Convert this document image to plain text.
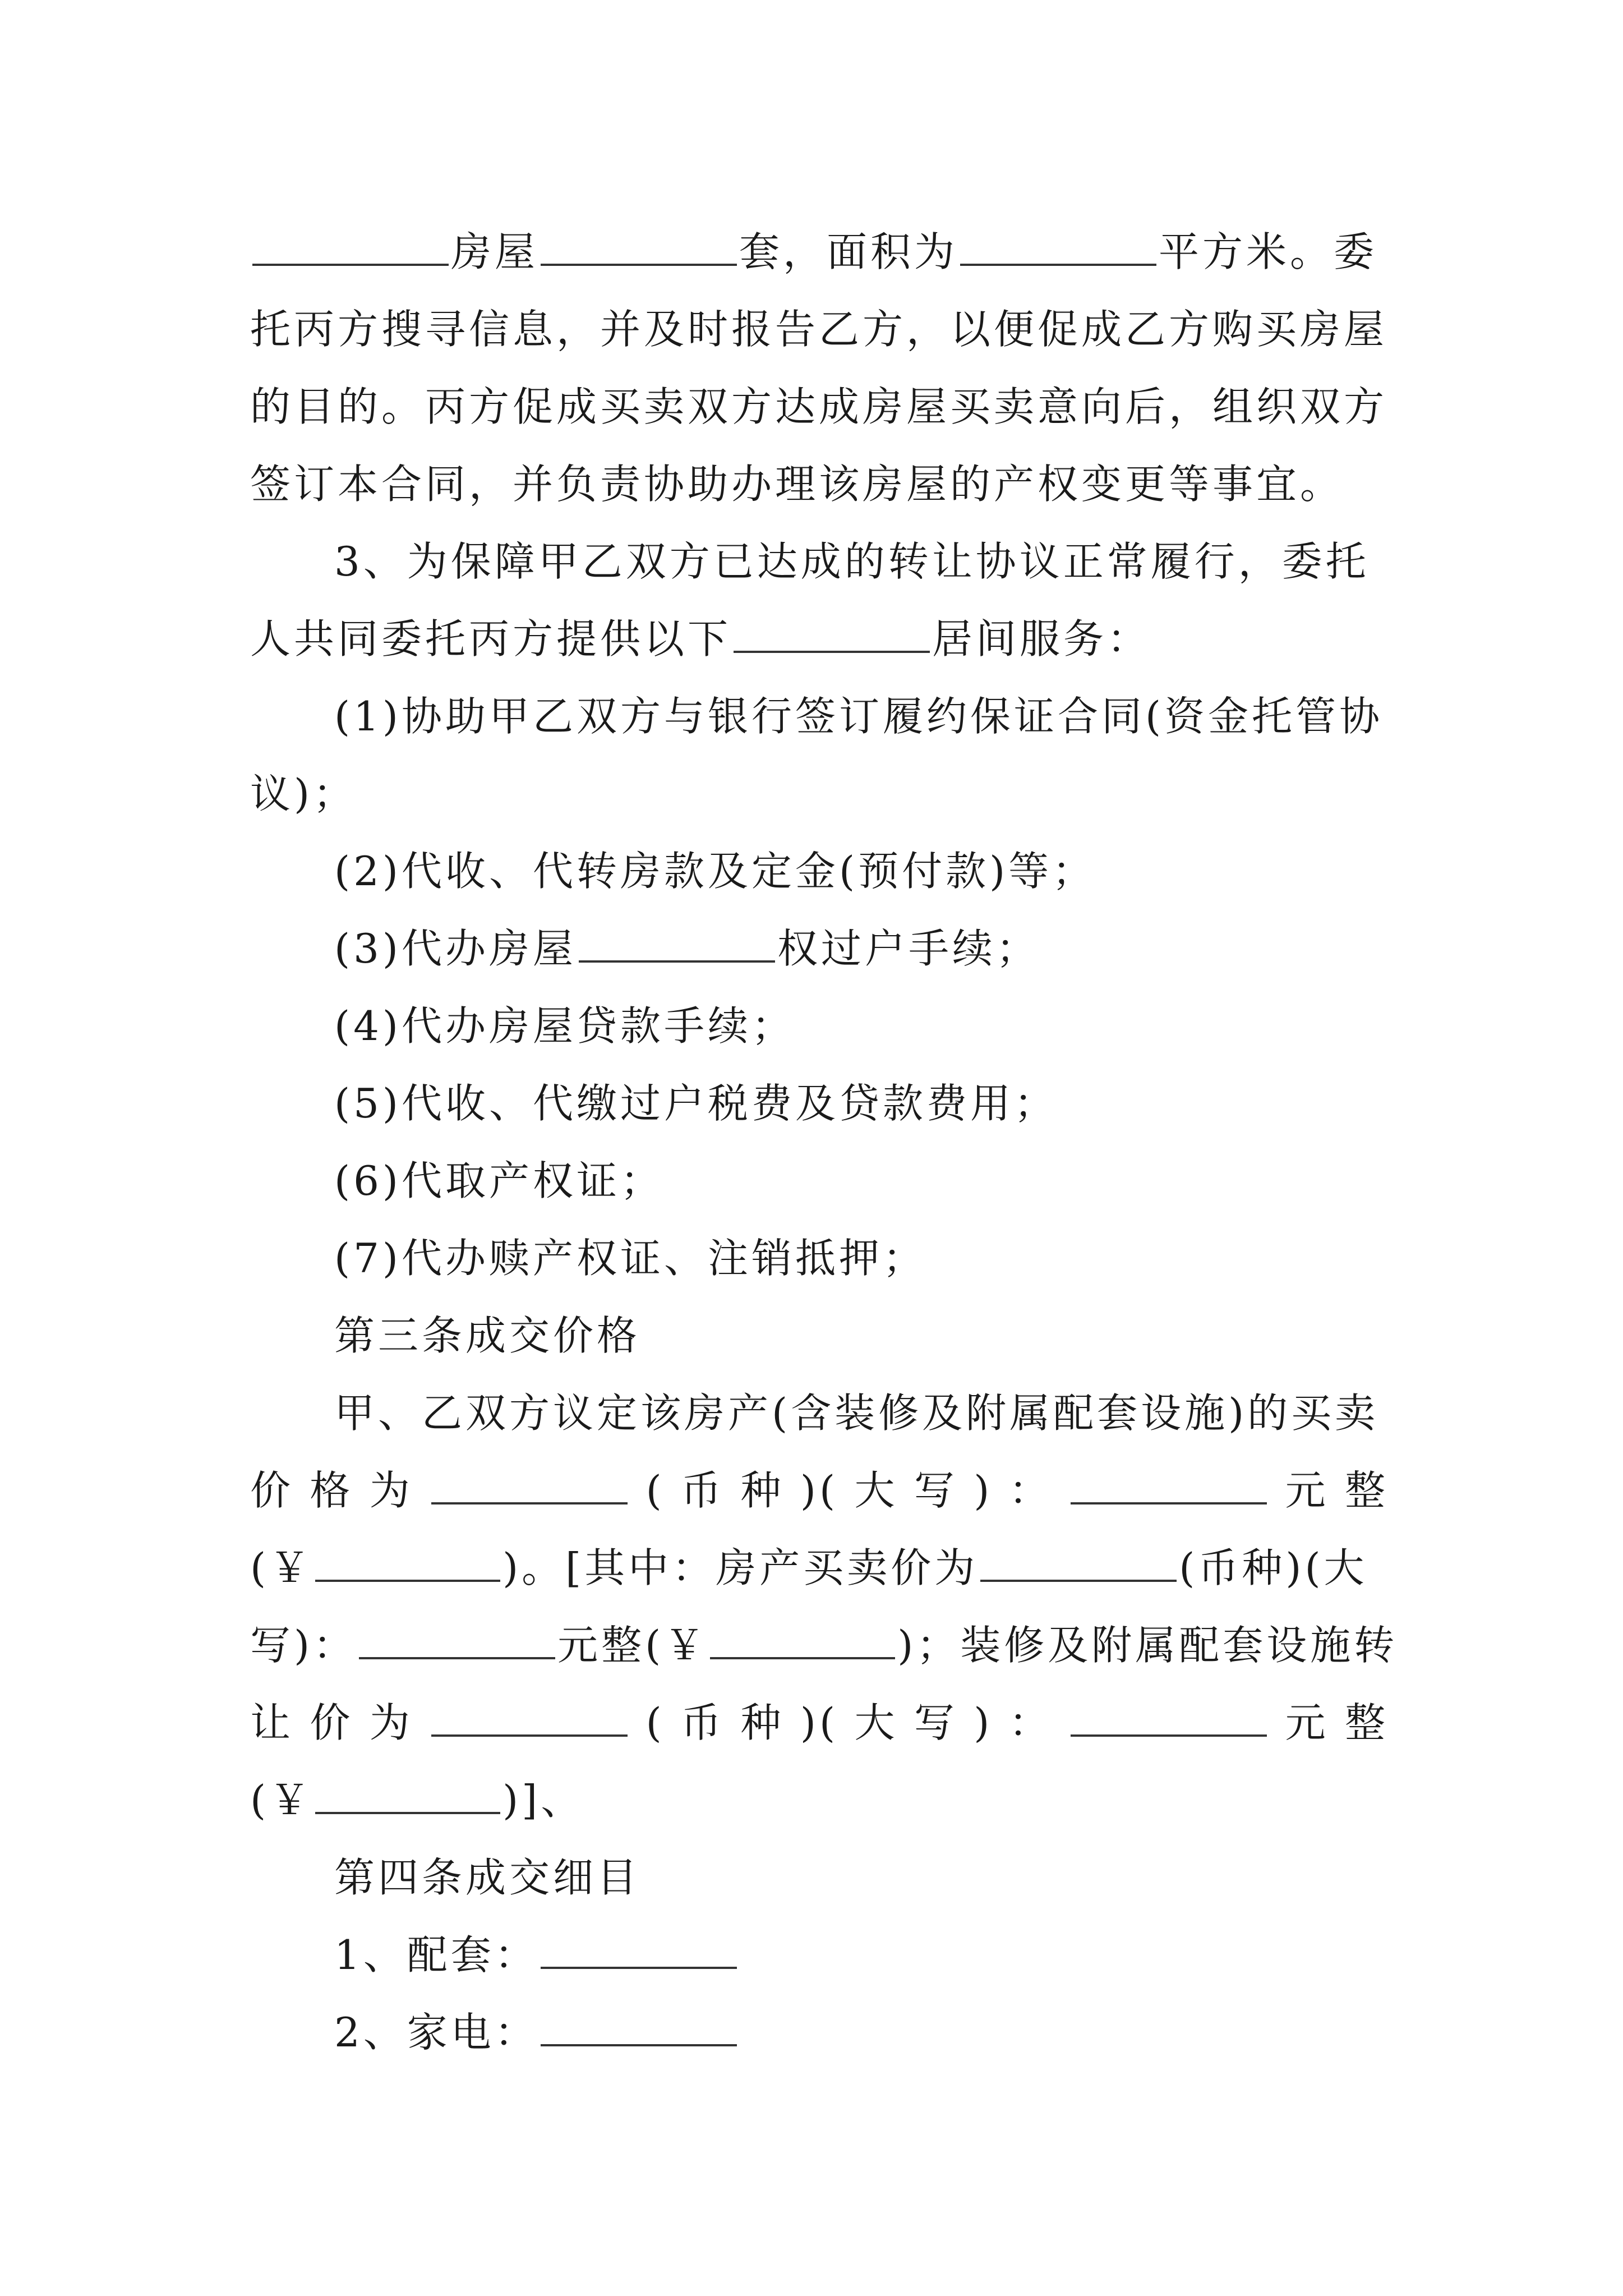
房屋	套，面积为	平方米。委
托丙方搜寻信息，并及时报告乙方，以便促成乙方购买房屋
的目的。丙方促成买卖双方达成房屋买卖意向后，组织双方
签订本合同，并负责协助办理该房屋的产权变更等事宜。
3、为保障甲乙双方已达成的转让协议正常履行，委托
人共同委托丙方提供以下	居间服务：
(1)协助甲乙双方与银行签订履约保证合同(资金托管协
议)；
(2)代收、代转房款及定金(预付款)等；
(3)代办房屋	权过户手续；
(4)代办房屋贷款手续；
(5)代收、代缴过户税费及贷款费用；
(6)代取产权证；
(7)代办赎产权证、注销抵押；
第三条成交价格
甲、乙双方议定该房产(含装修及附属配套设施)的买卖
价 格 为	( 币 种 )( 大 写 ) ：	元 整
(￥	)。[其中：房产买卖价为	(币种)(大
写)：	元整(￥	)；装修及附属配套设施转
让 价 为	( 币 种 )( 大 写 ) ：	元 整
(￥	)]、
第四条成交细目
1、配套：
2、家电：
